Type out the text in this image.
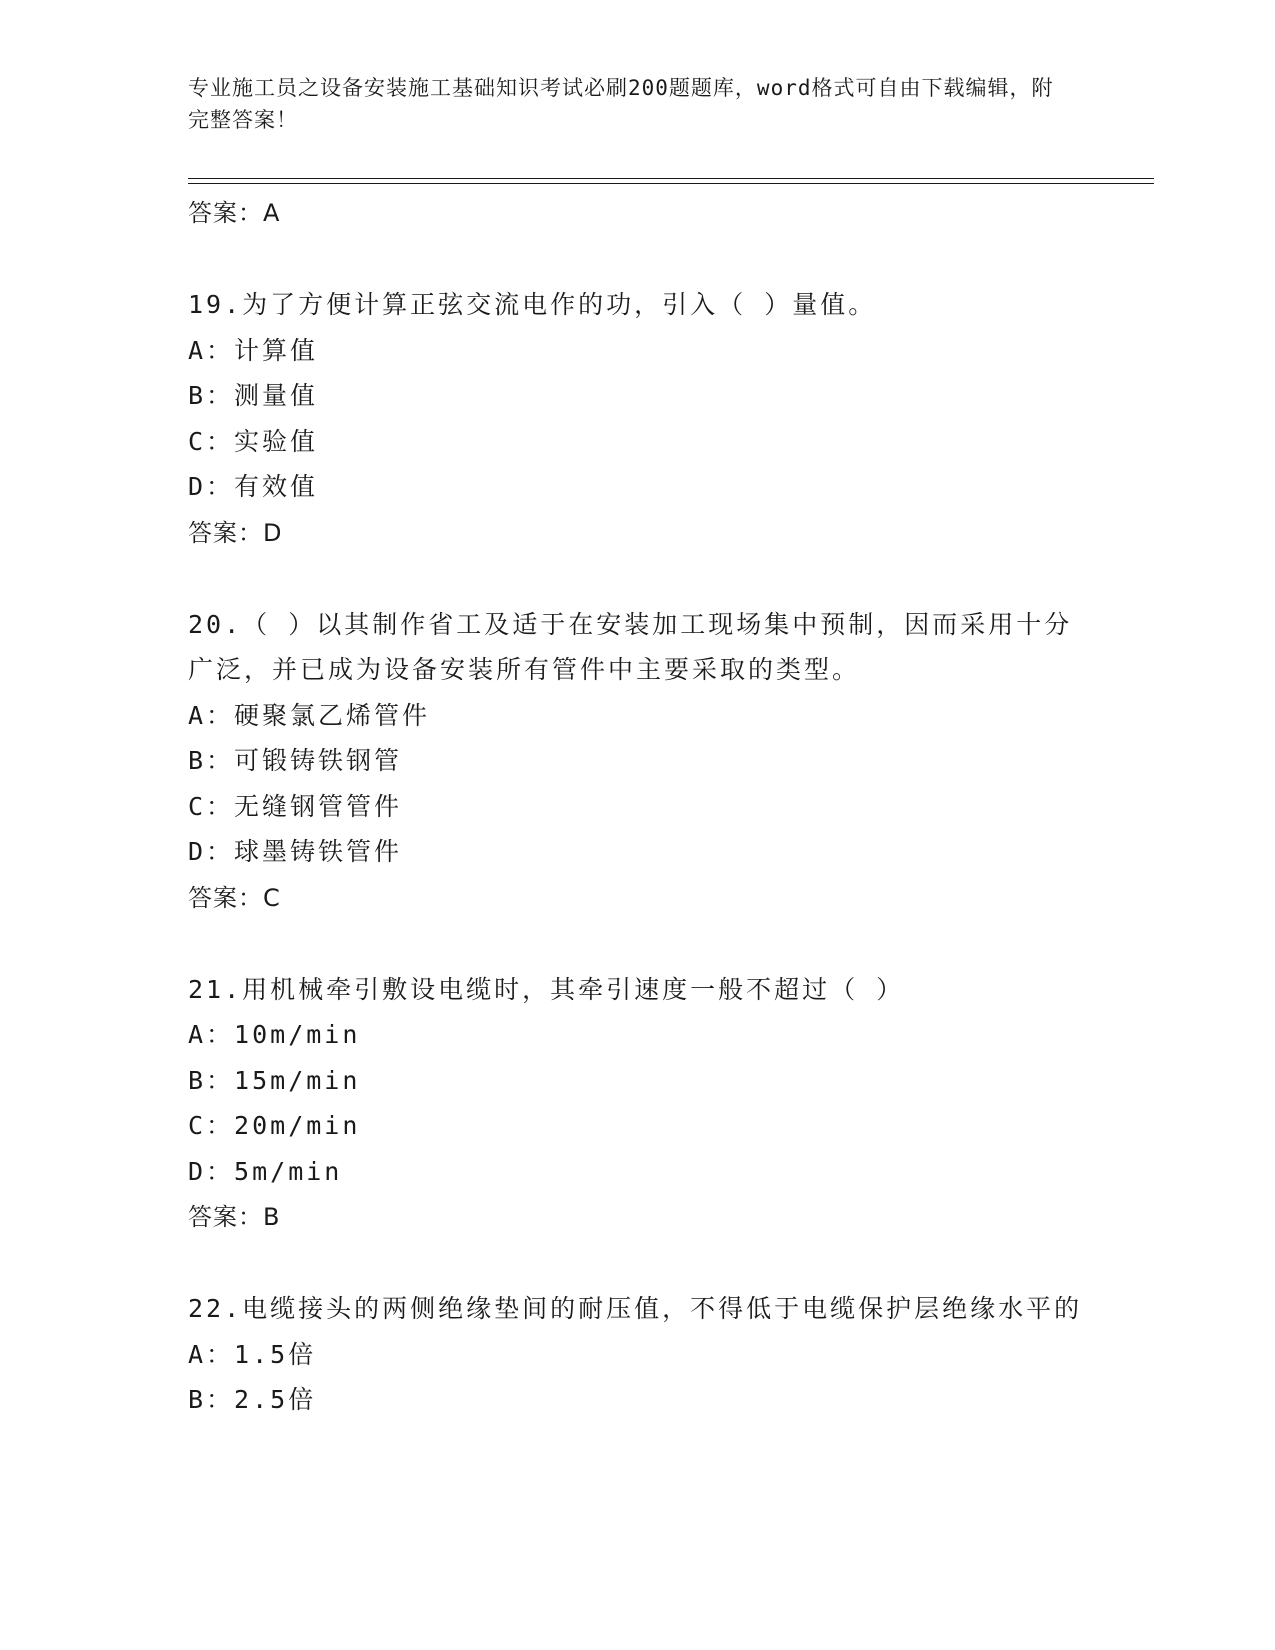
专业施工员之设备安装施工基础知识考试必刷200题题库，word格式可自由下载编辑，附完整答案！
答案：A
19.为了方便计算正弦交流电作的功，引入（ ）量值。
A：计算值
B：测量值
C：实验值
D：有效值
答案：D
20.（ ）以其制作省工及适于在安装加工现场集中预制，因而采用十分广泛，并已成为设备安装所有管件中主要采取的类型。
A：硬聚氯乙烯管件
B：可锻铸铁钢管
C：无缝钢管管件
D：球墨铸铁管件
答案：C
21.用机械牵引敷设电缆时，其牵引速度一般不超过（ ）
A：10m/min
B：15m/min
C：20m/min
D：5m/min
答案：B
22.电缆接头的两侧绝缘垫间的耐压值，不得低于电缆保护层绝缘水平的
A：1.5倍
B：2.5倍
